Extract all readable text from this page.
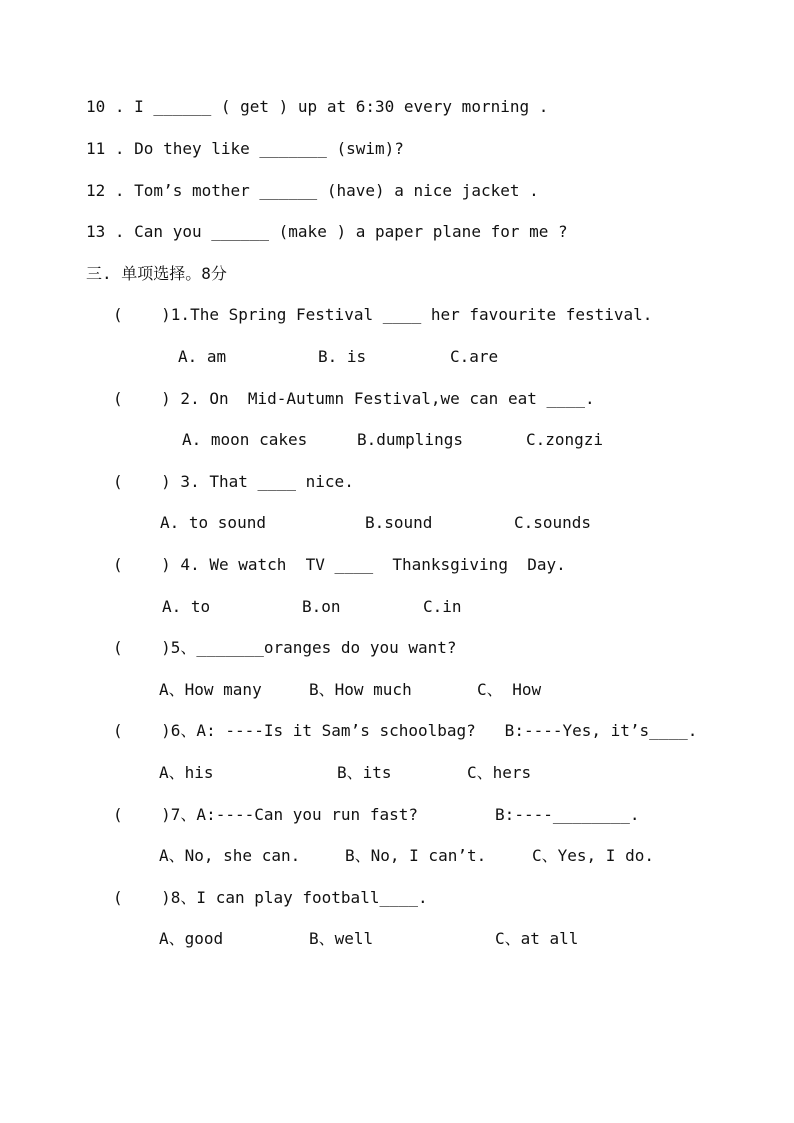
10 . I ______ ( get ) up at 6:30 every morning .
11 . Do they like _______ (swim)?
12 . Tom’s mother ______ (have) a nice jacket .
13 . Can you ______ (make ) a paper plane for me ?
三. 单项选择。8分
(    )1.The Spring Festival ____ her favourite festival.
A. am	B. is	C.are
(    ) 2. On  Mid-Autumn Festival,we can eat ____.
A. moon cakes	B.dumplings	C.zongzi
(    ) 3. That ____ nice.
A. to sound	B.sound	C.sounds
(    ) 4. We watch  TV ____  Thanksgiving  Day.
A. to	B.on	C.in
(    )5、_______oranges do you want?
A、How many	B、How much	C、 How
(    )6、A: ----Is it Sam’s schoolbag?   B:----Yes, it’s____.
A、his	B、its	C、hers
(    )7、A:----Can you run fast?        B:----________.
A、No, she can.	B、No, I can’t.	C、Yes, I do.
(    )8、I can play football____.
A、good	B、well	C、at all
